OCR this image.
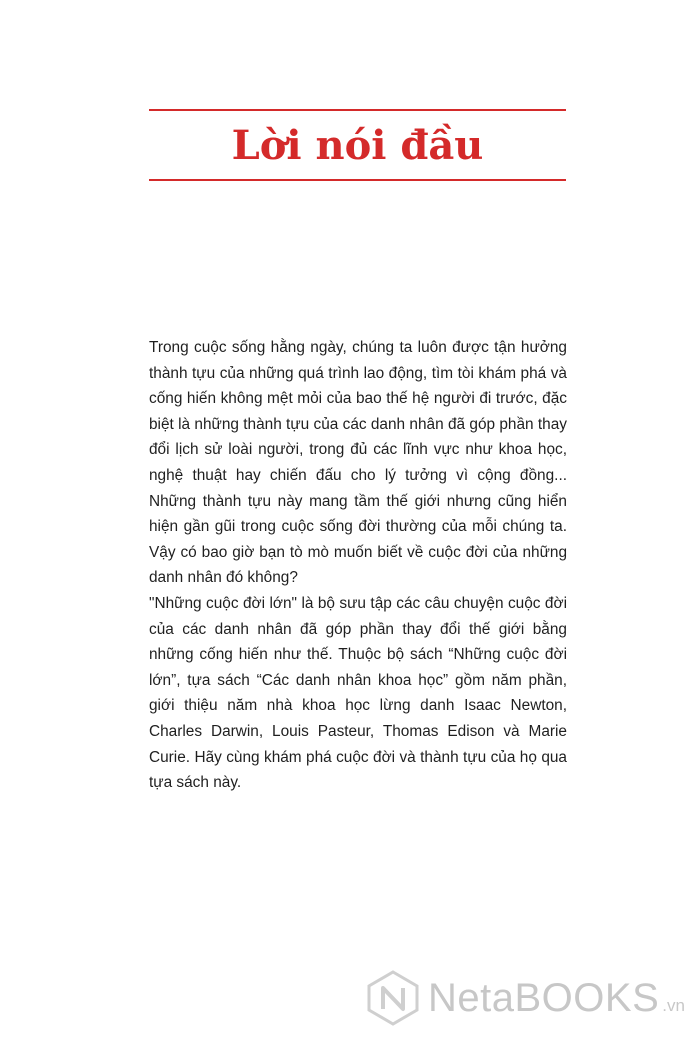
Lời nói đầu

Trong cuộc sống hằng ngày, chúng ta luôn được tận hưởng thành tựu của những quá trình lao động, tìm tòi khám phá và cống hiến không mệt mỏi của bao thế hệ người đi trước, đặc biệt là những thành tựu của các danh nhân đã góp phần thay đổi lịch sử loài người, trong đủ các lĩnh vực như khoa học, nghệ thuật hay chiến đấu cho lý tưởng vì cộng đồng... Những thành tựu này mang tầm thế giới nhưng cũng hiển hiện gần gũi trong cuộc sống đời thường của mỗi chúng ta. Vậy có bao giờ bạn tò mò muốn biết về cuộc đời của những danh nhân đó không?

"Những cuộc đời lớn" là bộ sưu tập các câu chuyện cuộc đời của các danh nhân đã góp phần thay đổi thế giới bằng những cống hiến như thế. Thuộc bộ sách “Những cuộc đời lớn”, tựa sách “Các danh nhân khoa học” gồm năm phần, giới thiệu năm nhà khoa học lừng danh Isaac Newton, Charles Darwin, Louis Pasteur, Thomas Edison và Marie Curie. Hãy cùng khám phá cuộc đời và thành tựu của họ qua tựa sách này.

NetaBOOKS .vn
